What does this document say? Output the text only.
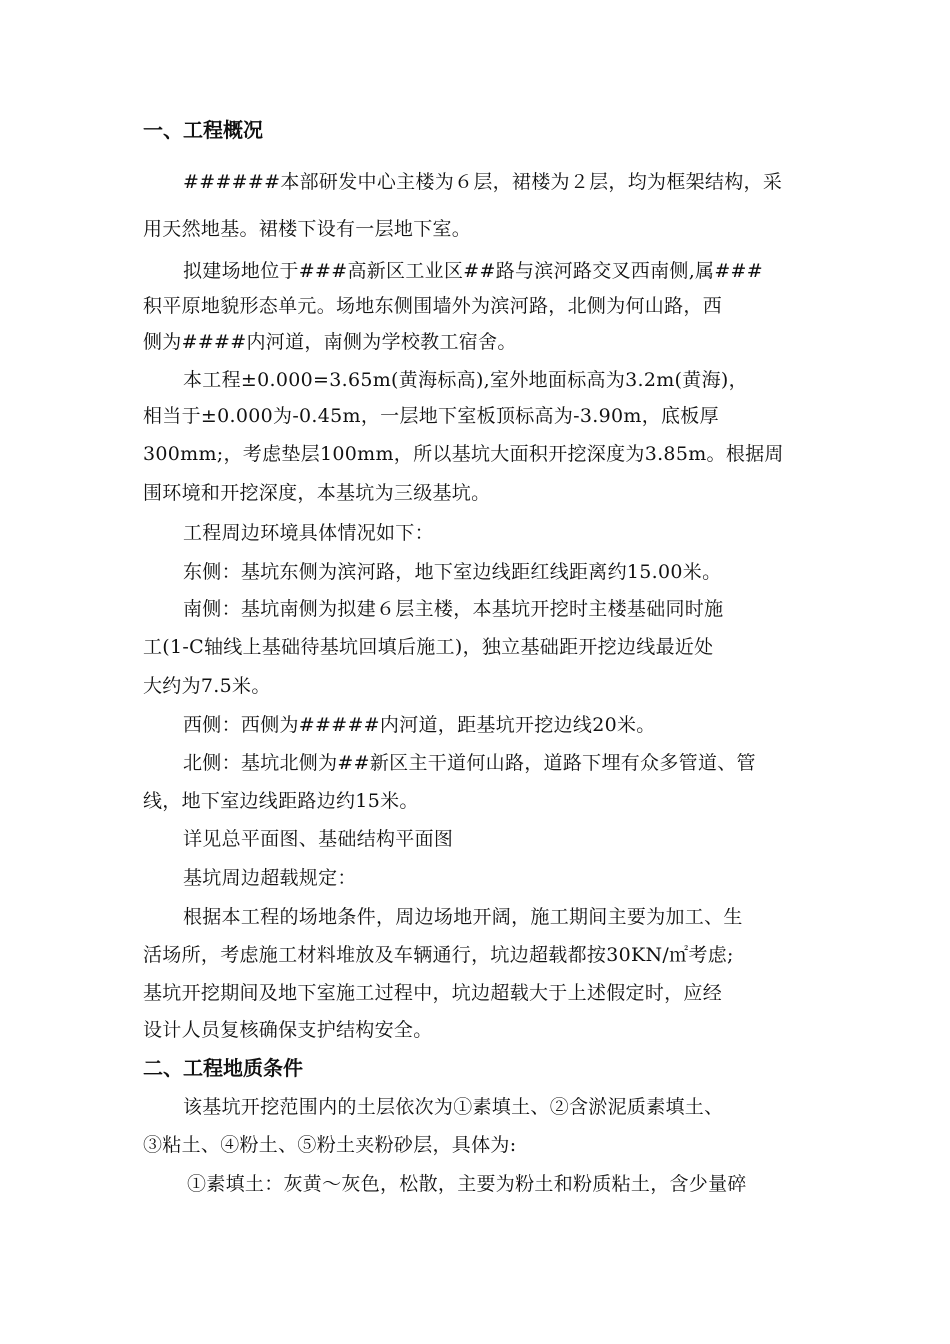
一、工程概况
######本部研发中心主楼为６层，裙楼为２层，均为框架结构，采
用天然地基。裙楼下设有一层地下室。
拟建场地位于###高新区工业区##路与滨河路交叉西南侧,属###
积平原地貌形态单元。场地东侧围墙外为滨河路，北侧为何山路，西
侧为####内河道，南侧为学校教工宿舍。
本工程±0.000=3.65m(黄海标高),室外地面标高为3.2m(黄海)，
相当于±0.000为-0.45m，一层地下室板顶标高为-3.90m，底板厚
300mm;，考虑垫层100mm，所以基坑大面积开挖深度为3.85m。根据周
围环境和开挖深度，本基坑为三级基坑。
工程周边环境具体情况如下：
东侧：基坑东侧为滨河路，地下室边线距红线距离约15.00米。
南侧：基坑南侧为拟建６层主楼，本基坑开挖时主楼基础同时施
工(1-C轴线上基础待基坑回填后施工)，独立基础距开挖边线最近处
大约为7.5米。
西侧：西侧为#####内河道，距基坑开挖边线20米。
北侧：基坑北侧为##新区主干道何山路，道路下埋有众多管道、管
线，地下室边线距路边约15米。
详见总平面图、基础结构平面图
基坑周边超载规定：
根据本工程的场地条件，周边场地开阔，施工期间主要为加工、生
活场所，考虑施工材料堆放及车辆通行，坑边超载都按30KN/㎡考虑;
基坑开挖期间及地下室施工过程中，坑边超载大于上述假定时，应经
设计人员复核确保支护结构安全。
二、工程地质条件
该基坑开挖范围内的土层依次为①素填土、②含淤泥质素填土、
③粘土、④粉土、⑤粉土夹粉砂层，具体为:
①素填土：灰黄～灰色，松散，主要为粉土和粉质粘土，含少量碎
